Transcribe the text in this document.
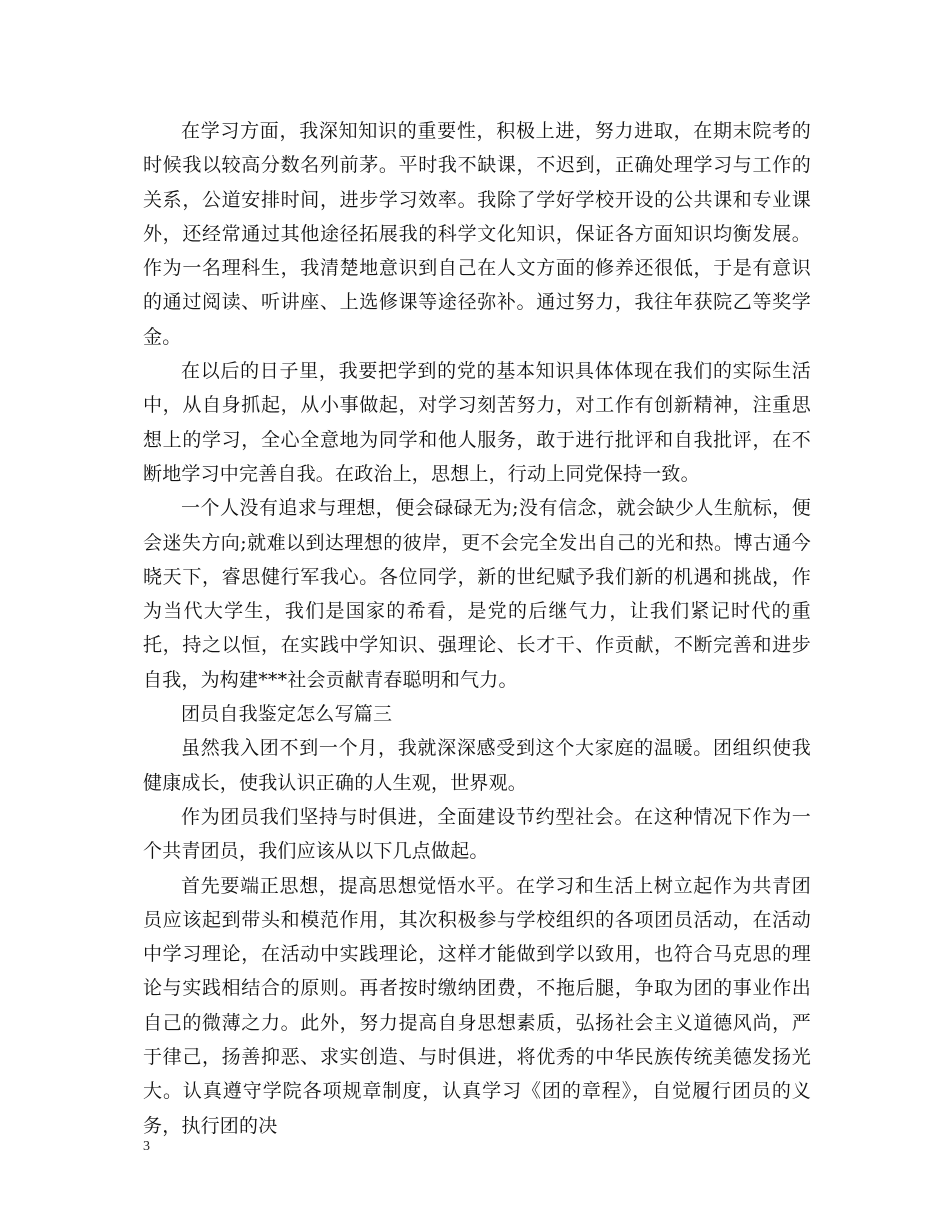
在学习方面，我深知知识的重要性，积极上进，努力进取，在期末院考的时候我以较高分数名列前茅。平时我不缺课，不迟到，正确处理学习与工作的关系，公道安排时间，进步学习效率。我除了学好学校开设的公共课和专业课外，还经常通过其他途径拓展我的科学文化知识，保证各方面知识均衡发展。作为一名理科生，我清楚地意识到自己在人文方面的修养还很低，于是有意识的通过阅读、听讲座、上选修课等途径弥补。通过努力，我往年获院乙等奖学金。

在以后的日子里，我要把学到的党的基本知识具体体现在我们的实际生活中，从自身抓起，从小事做起，对学习刻苦努力，对工作有创新精神，注重思想上的学习，全心全意地为同学和他人服务，敢于进行批评和自我批评，在不断地学习中完善自我。在政治上，思想上，行动上同党保持一致。

一个人没有追求与理想，便会碌碌无为;没有信念，就会缺少人生航标，便会迷失方向;就难以到达理想的彼岸，更不会完全发出自己的光和热。博古通今晓天下，睿思健行军我心。各位同学，新的世纪赋予我们新的机遇和挑战，作为当代大学生，我们是国家的希看，是党的后继气力，让我们紧记时代的重托，持之以恒，在实践中学知识、强理论、长才干、作贡献，不断完善和进步自我，为构建***社会贡献青春聪明和气力。

团员自我鉴定怎么写篇三

虽然我入团不到一个月，我就深深感受到这个大家庭的温暖。团组织使我健康成长，使我认识正确的人生观，世界观。

作为团员我们坚持与时俱进，全面建设节约型社会。在这种情况下作为一个共青团员，我们应该从以下几点做起。

首先要端正思想，提高思想觉悟水平。在学习和生活上树立起作为共青团员应该起到带头和模范作用，其次积极参与学校组织的各项团员活动，在活动中学习理论，在活动中实践理论，这样才能做到学以致用，也符合马克思的理论与实践相结合的原则。再者按时缴纳团费，不拖后腿，争取为团的事业作出自己的微薄之力。此外，努力提高自身思想素质，弘扬社会主义道德风尚，严于律己，扬善抑恶、求实创造、与时俱进，将优秀的中华民族传统美德发扬光大。认真遵守学院各项规章制度，认真学习《团的章程》，自觉履行团员的义务，执行团的决

3
